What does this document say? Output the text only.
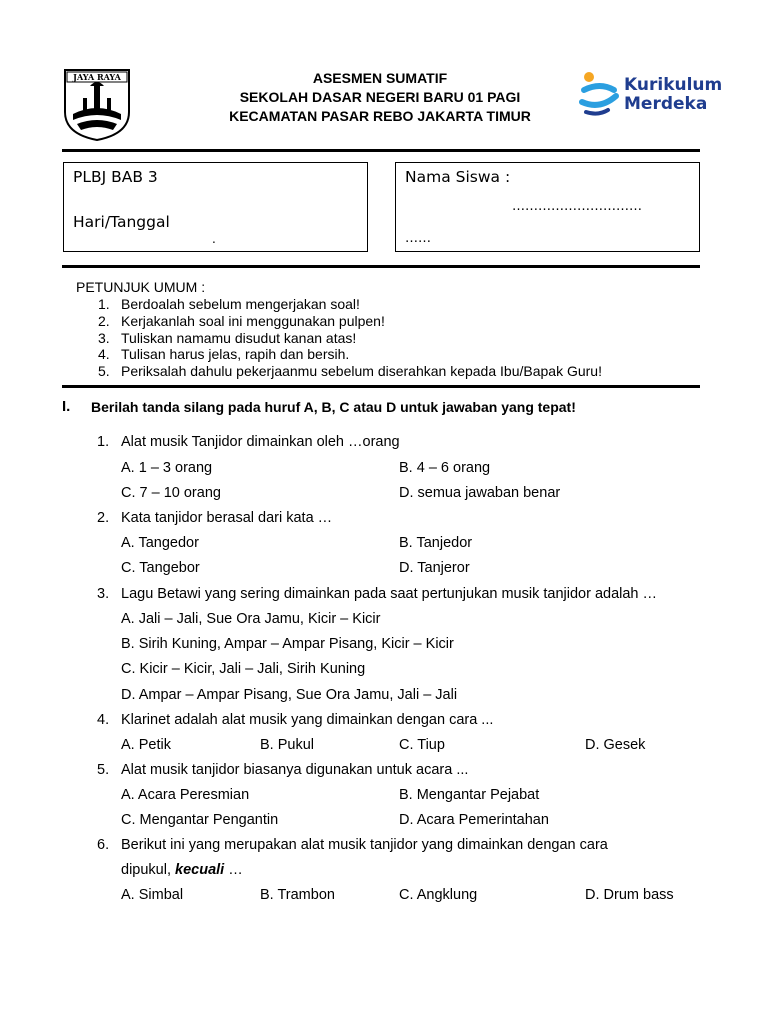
JAYA RAYA	ASESMEN SUMATIF
SEKOLAH DASAR NEGERI BARU 01 PAGI
KECAMATAN PASAR REBO JAKARTA TIMUR
Kurikulum
Merdeka
PLBJ BAB 3
Hari/Tanggal
.
Nama Siswa :
…………………………
……
PETUNJUK UMUM :
1. Berdoalah sebelum mengerjakan soal!
2. Kerjakanlah soal ini menggunakan pulpen!
3. Tuliskan namamu disudut kanan atas!
4. Tulisan harus jelas, rapih dan bersih.
5. Periksalah dahulu pekerjaanmu sebelum diserahkan kepada Ibu/Bapak Guru!
I. Berilah tanda silang pada huruf A, B, C atau D untuk jawaban yang tepat!
1. Alat musik Tanjidor dimainkan oleh …orang
A. 1 – 3 orang	B. 4 – 6 orang
C. 7 – 10 orang	D. semua jawaban benar
2. Kata tanjidor berasal dari kata …
A. Tangedor	B. Tanjedor
C. Tangebor	D. Tanjeror
3. Lagu Betawi yang sering dimainkan pada saat pertunjukan musik tanjidor adalah …
A. Jali – Jali, Sue Ora Jamu, Kicir – Kicir
B. Sirih Kuning, Ampar – Ampar Pisang, Kicir – Kicir
C. Kicir – Kicir, Jali – Jali, Sirih Kuning
D. Ampar – Ampar Pisang, Sue Ora Jamu, Jali – Jali
4. Klarinet adalah alat musik yang dimainkan dengan cara ...
A. Petik	B. Pukul	C. Tiup	D. Gesek
5. Alat musik tanjidor biasanya digunakan untuk acara ...
A. Acara Peresmian	B. Mengantar Pejabat
C. Mengantar Pengantin	D. Acara Pemerintahan
6. Berikut ini yang merupakan alat musik tanjidor yang dimainkan dengan cara
dipukul, kecuali …
A. Simbal	B. Trambon	C. Angklung	D. Drum bass
